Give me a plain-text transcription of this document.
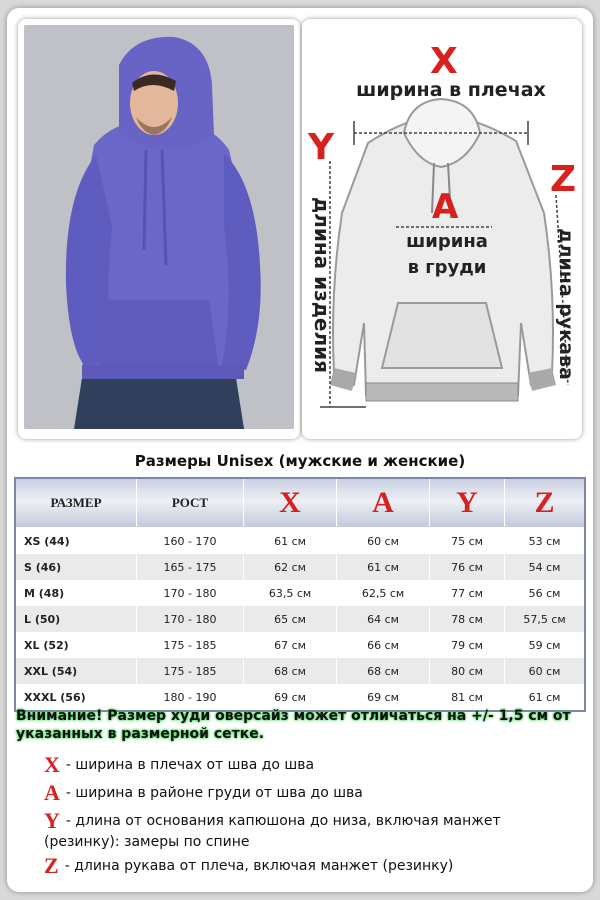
X
ширина в плечах
Y
длина изделия
Z
длина рукава
A
ширина
в груди
Размеры Unisex (мужские и женские)
РАЗМЕР	РОСТ	X	A	Y	Z
XS (44)	160 - 170	61 см	60 см	75 см	53 см
S (46)	165 - 175	62 см	61 см	76 см	54 см
M (48)	170 - 180	63,5 см	62,5 см	77 см	56 см
L (50)	170 - 180	65 см	64 см	78 см	57,5 см
XL (52)	175 - 185	67 см	66 см	79 см	59 см
XXL (54)	175 - 185	68 см	68 см	80 см	60 см
XXXL (56)	180 - 190	69 см	69 см	81 см	61 см
Внимание! Размер худи оверсайз может отличаться на +/- 1,5 см от указанных в размерной сетке.
X - ширина в плечах от шва до шва
A - ширина в районе груди от шва до шва
Y - длина от основания капюшона до низа, включая манжет (резинку): замеры по спине
Z - длина рукава от плеча, включая манжет (резинку)
